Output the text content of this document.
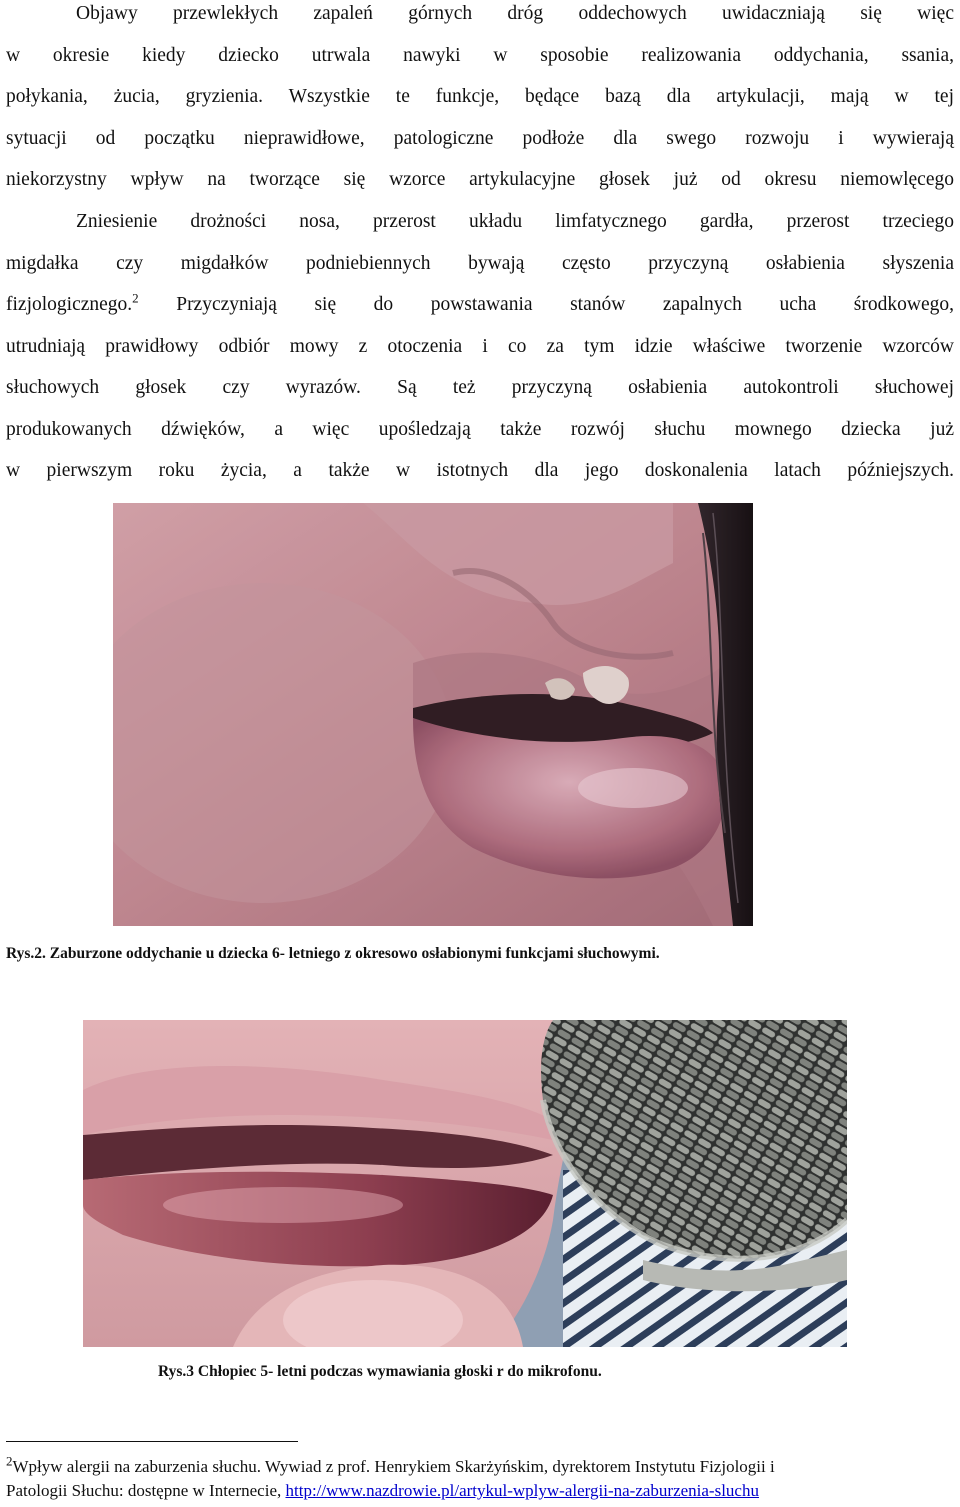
Objawy przewlekłych zapaleń górnych dróg oddechowych uwidaczniają się więc
w okresie kiedy dziecko utrwala nawyki w sposobie realizowania oddychania, ssania,
połykania, żucia, gryzienia. Wszystkie te funkcje, będące bazą dla artykulacji, mają w tej
sytuacji od początku nieprawidłowe, patologiczne podłoże dla swego rozwoju i wywierają
niekorzystny wpływ na tworzące się wzorce artykulacyjne głosek już od okresu niemowlęcego
Zniesienie drożności nosa, przerost układu limfatycznego gardła, przerost trzeciego
migdałka czy migdałków podniebiennych bywają często przyczyną osłabienia słyszenia
fizjologicznego.$^2$ Przyczyniają się do powstawania stanów zapalnych ucha środkowego,
utrudniają prawidłowy odbiór mowy z otoczenia i co za tym idzie właściwe tworzenie wzorców
słuchowych głosek czy wyrazów. Są też przyczyną osłabienia autokontroli słuchowej
produkowanych dźwięków, a więc upośledzają także rozwój słuchu mownego dziecka już
w pierwszym roku życia, a także w istotnych dla jego doskonalenia latach późniejszych.

Rys.2. Zaburzone oddychanie u dziecka 6- letniego z okresowo osłabionymi funkcjami słuchowymi.

Rys.3 Chłopiec 5- letni podczas wymawiania głoski r do mikrofonu.

$^2$Wpływ alergii na zaburzenia słuchu. Wywiad z prof. Henrykiem Skarżyńskim, dyrektorem Instytutu Fizjologii i
Patologii Słuchu: dostępne w Internecie, http://www.nazdrowie.pl/artykul-wplyw-alergii-na-zaburzenia-sluchu
